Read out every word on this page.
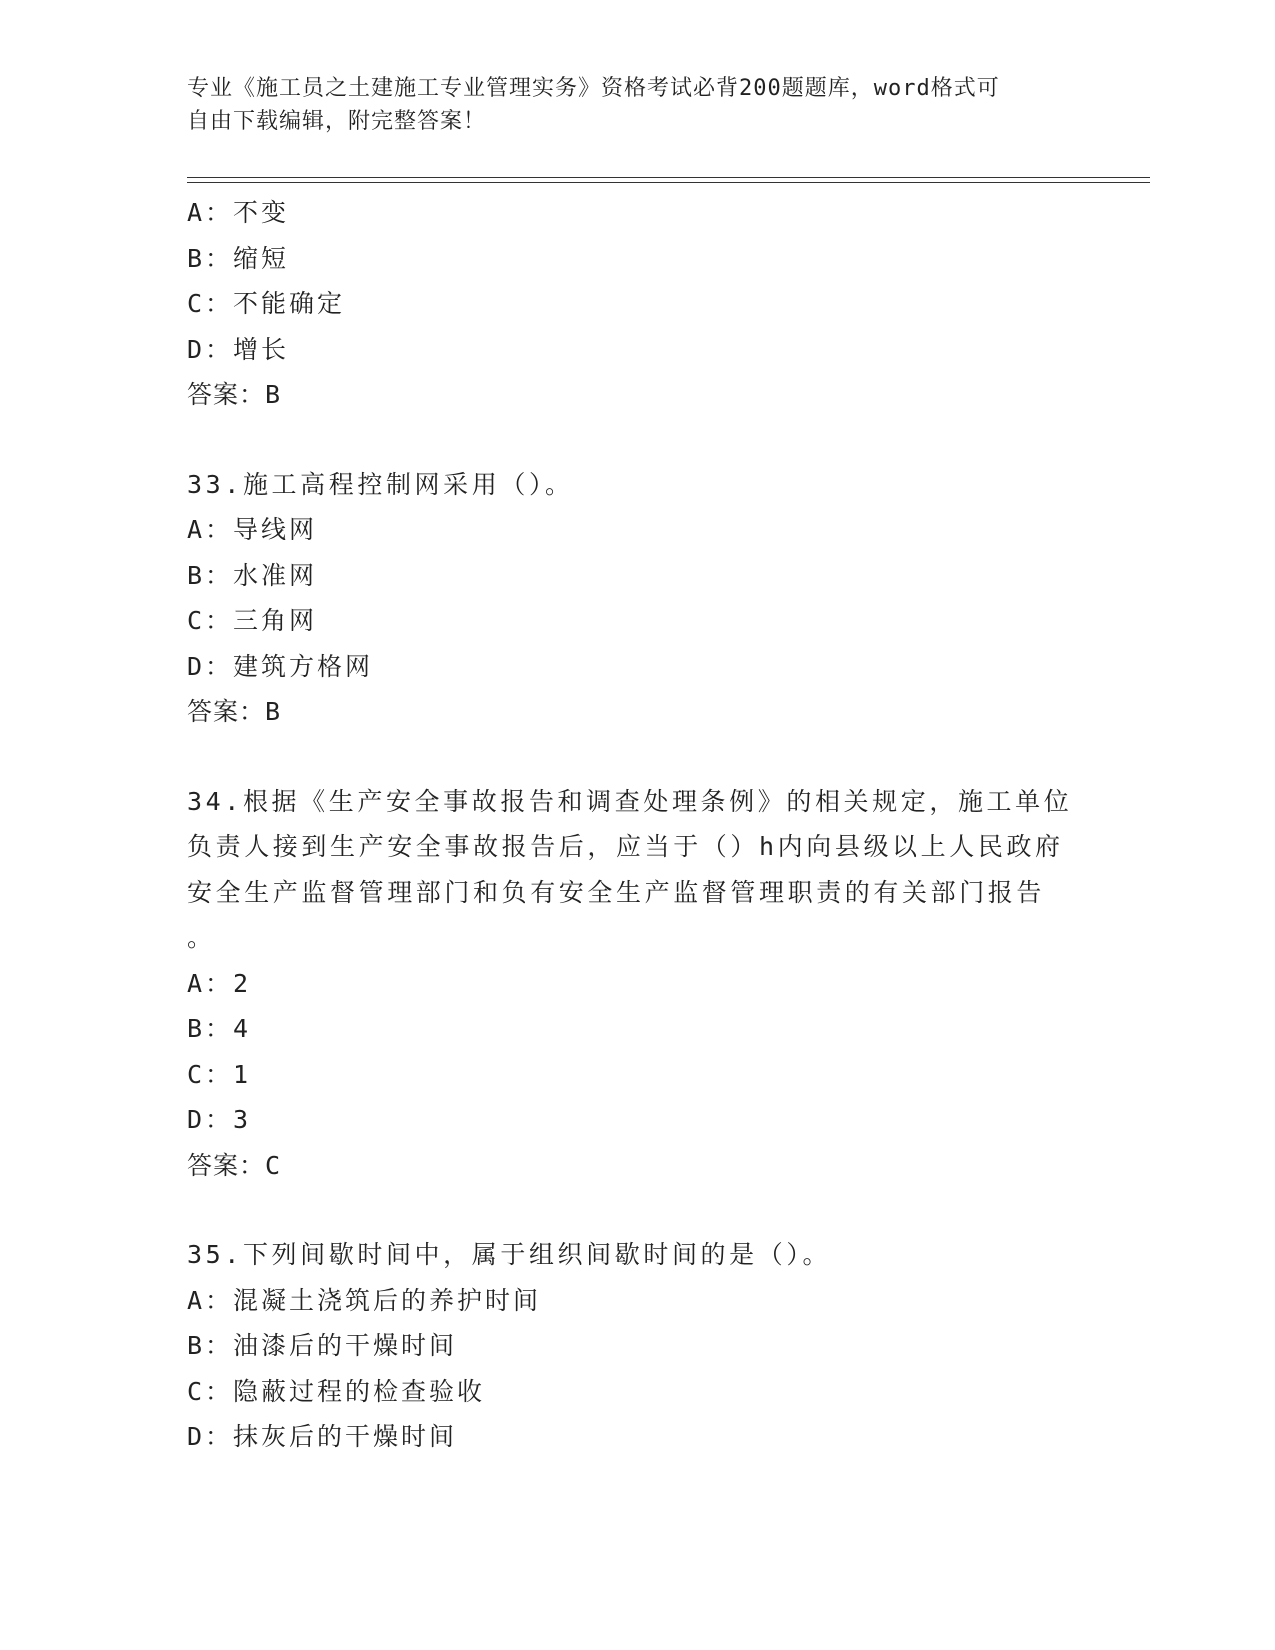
专业《施工员之土建施工专业管理实务》资格考试必背200题题库，word格式可
自由下载编辑，附完整答案！
A：不变
B：缩短
C：不能确定
D：增长
答案：B
33.施工高程控制网采用（）。
A：导线网
B：水准网
C：三角网
D：建筑方格网
答案：B
34.根据《生产安全事故报告和调查处理条例》的相关规定，施工单位
负责人接到生产安全事故报告后，应当于（）h内向县级以上人民政府
安全生产监督管理部门和负有安全生产监督管理职责的有关部门报告
。
A：2
B：4
C：1
D：3
答案：C
35.下列间歇时间中，属于组织间歇时间的是（）。
A：混凝土浇筑后的养护时间
B：油漆后的干燥时间
C：隐蔽过程的检查验收
D：抹灰后的干燥时间
